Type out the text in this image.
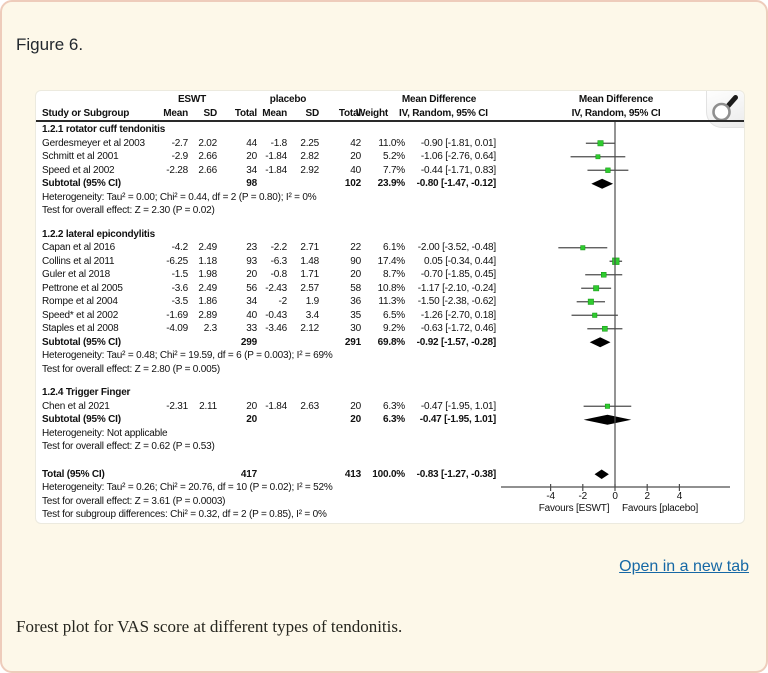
Figure 6.
ESWT	placebo	Mean Difference	Mean Difference
Study or Subgroup	Mean SD Total Mean SD Total
Weight IV, Random, 95% CI	IV, Random, 95% CI
1.2.1 rotator cuff tendonitis
Gerdesmeyer et al 2003	-2.7 2.02	44 -1.8 2.25	42 11.0% -0.90 [-1.81, 0.01]
Schmitt et al 2001	-2.9 2.66	20 -1.84 2.82	20 5.2% -1.06 [-2.76, 0.64]
Speed et al 2002	-2.28 2.66	34 -1.84 2.92	40 7.7% -0.44 [-1.71, 0.83]
Subtotal (95% CI)	98	102 23.9% -0.80 [-1.47, -0.12]
Heterogeneity: Tau² = 0.00; Chi² = 0.44, df = 2 (P = 0.80); I² = 0%
Test for overall effect: Z = 2.30 (P = 0.02)
1.2.2 lateral epicondylitis
Capan et al 2016	-4.2 2.49	23 -2.2 2.71	22 6.1% -2.00 [-3.52, -0.48]
Collins et al 2011	-6.25 1.18	93 -6.3 1.48	90 17.4% 0.05 [-0.34, 0.44]
Guler et al 2018	-1.5 1.98	20 -0.8 1.71	20 8.7% -0.70 [-1.85, 0.45]
Pettrone et al 2005	-3.6 2.49	56 -2.43 2.57	58 10.8% -1.17 [-2.10, -0.24]
Rompe et al 2004	-3.5 1.86	34 -2 1.9	36 11.3% -1.50 [-2.38, -0.62]
Speed* et al 2002	-1.69 2.89	40 -0.43 3.4	35 6.5% -1.26 [-2.70, 0.18]
Staples et al 2008	-4.09 2.3	33 -3.46 2.12	30 9.2% -0.63 [-1.72, 0.46]
Subtotal (95% CI)	299	291 69.8% -0.92 [-1.57, -0.28]
Heterogeneity: Tau² = 0.48; Chi² = 19.59, df = 6 (P = 0.003); I² = 69%
Test for overall effect: Z = 2.80 (P = 0.005)
1.2.4 Trigger Finger
Chen et al 2021	-2.31 2.11	20 -1.84 2.63	20 6.3% -0.47 [-1.95, 1.01]
Subtotal (95% CI)	20	20 6.3% -0.47 [-1.95, 1.01]
Heterogeneity: Not applicable
Test for overall effect: Z = 0.62 (P = 0.53)
Total (95% CI)	417	413 100.0% -0.83 [-1.27, -0.38]
Heterogeneity: Tau² = 0.26; Chi² = 20.76, df = 10 (P = 0.02); I² = 52%
Test for overall effect: Z = 3.61 (P = 0.0003)
Test for subgroup differences: Chi² = 0.32, df = 2 (P = 0.85), I² = 0%
-4 -2	0	2	4
Favours [ESWT] Favours [placebo]
Open in a new tab
Forest plot for VAS score at different types of tendonitis.
